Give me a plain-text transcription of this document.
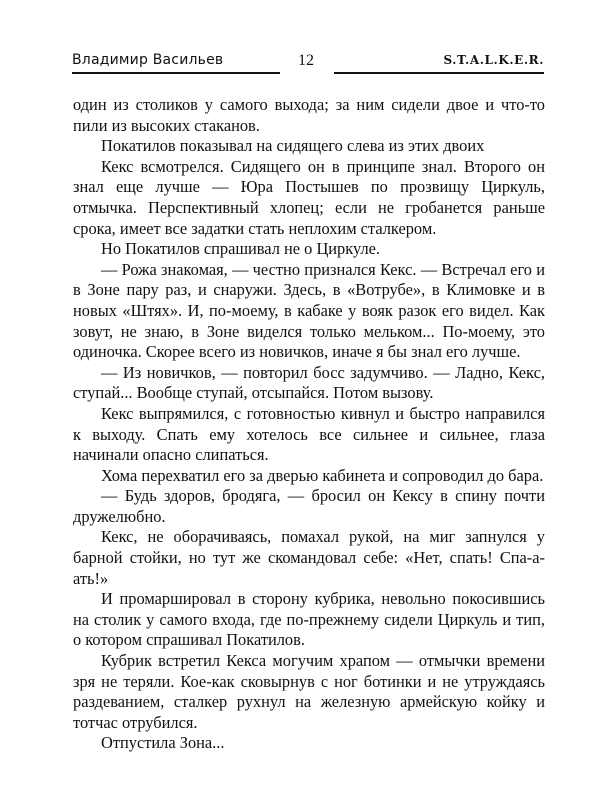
Владимир Васильев	12	S.T.A.L.K.E.R.

один из столиков у самого выхода; за ним сидели двое и что-то пили из высоких стаканов.

Покатилов показывал на сидящего слева из этих двоих

Кекс всмотрелся. Сидящего он в принципе знал. Второго он знал еще лучше — Юра Постышев по прозвищу Циркуль, отмычка. Перспективный хлопец; если не гробанется раньше срока, имеет все задатки стать неплохим сталкером.

Но Покатилов спрашивал не о Циркуле.

— Рожа знакомая, — честно признался Кекс. — Встречал его и в Зоне пару раз, и снаружи. Здесь, в «Вотрубе», в Климовке и в новых «Штях». И, по-моему, в кабаке у вояк разок его видел. Как зовут, не знаю, в Зоне виделся только мельком... По-моему, это одиночка. Скорее всего из новичков, иначе я бы знал его лучше.

— Из новичков, — повторил босс задумчиво. — Ладно, Кекс, ступай... Вообще ступай, отсыпайся. Потом вызову.

Кекс выпрямился, с готовностью кивнул и быстро направился к выходу. Спать ему хотелось все сильнее и сильнее, глаза начинали опасно слипаться.

Хома перехватил его за дверью кабинета и сопроводил до бара.

— Будь здоров, бродяга, — бросил он Кексу в спину почти дружелюбно.

Кекс, не оборачиваясь, помахал рукой, на миг запнулся у барной стойки, но тут же скомандовал себе: «Нет, спать! Спа-а-ать!»

И промаршировал в сторону кубрика, невольно покосившись на столик у самого входа, где по-прежнему сидели Циркуль и тип, о котором спрашивал Покатилов.

Кубрик встретил Кекса могучим храпом — отмычки времени зря не теряли. Кое-как сковырнув с ног ботинки и не утруждаясь раздеванием, сталкер рухнул на железную армейскую койку и тотчас отрубился.

Отпустила Зона...
